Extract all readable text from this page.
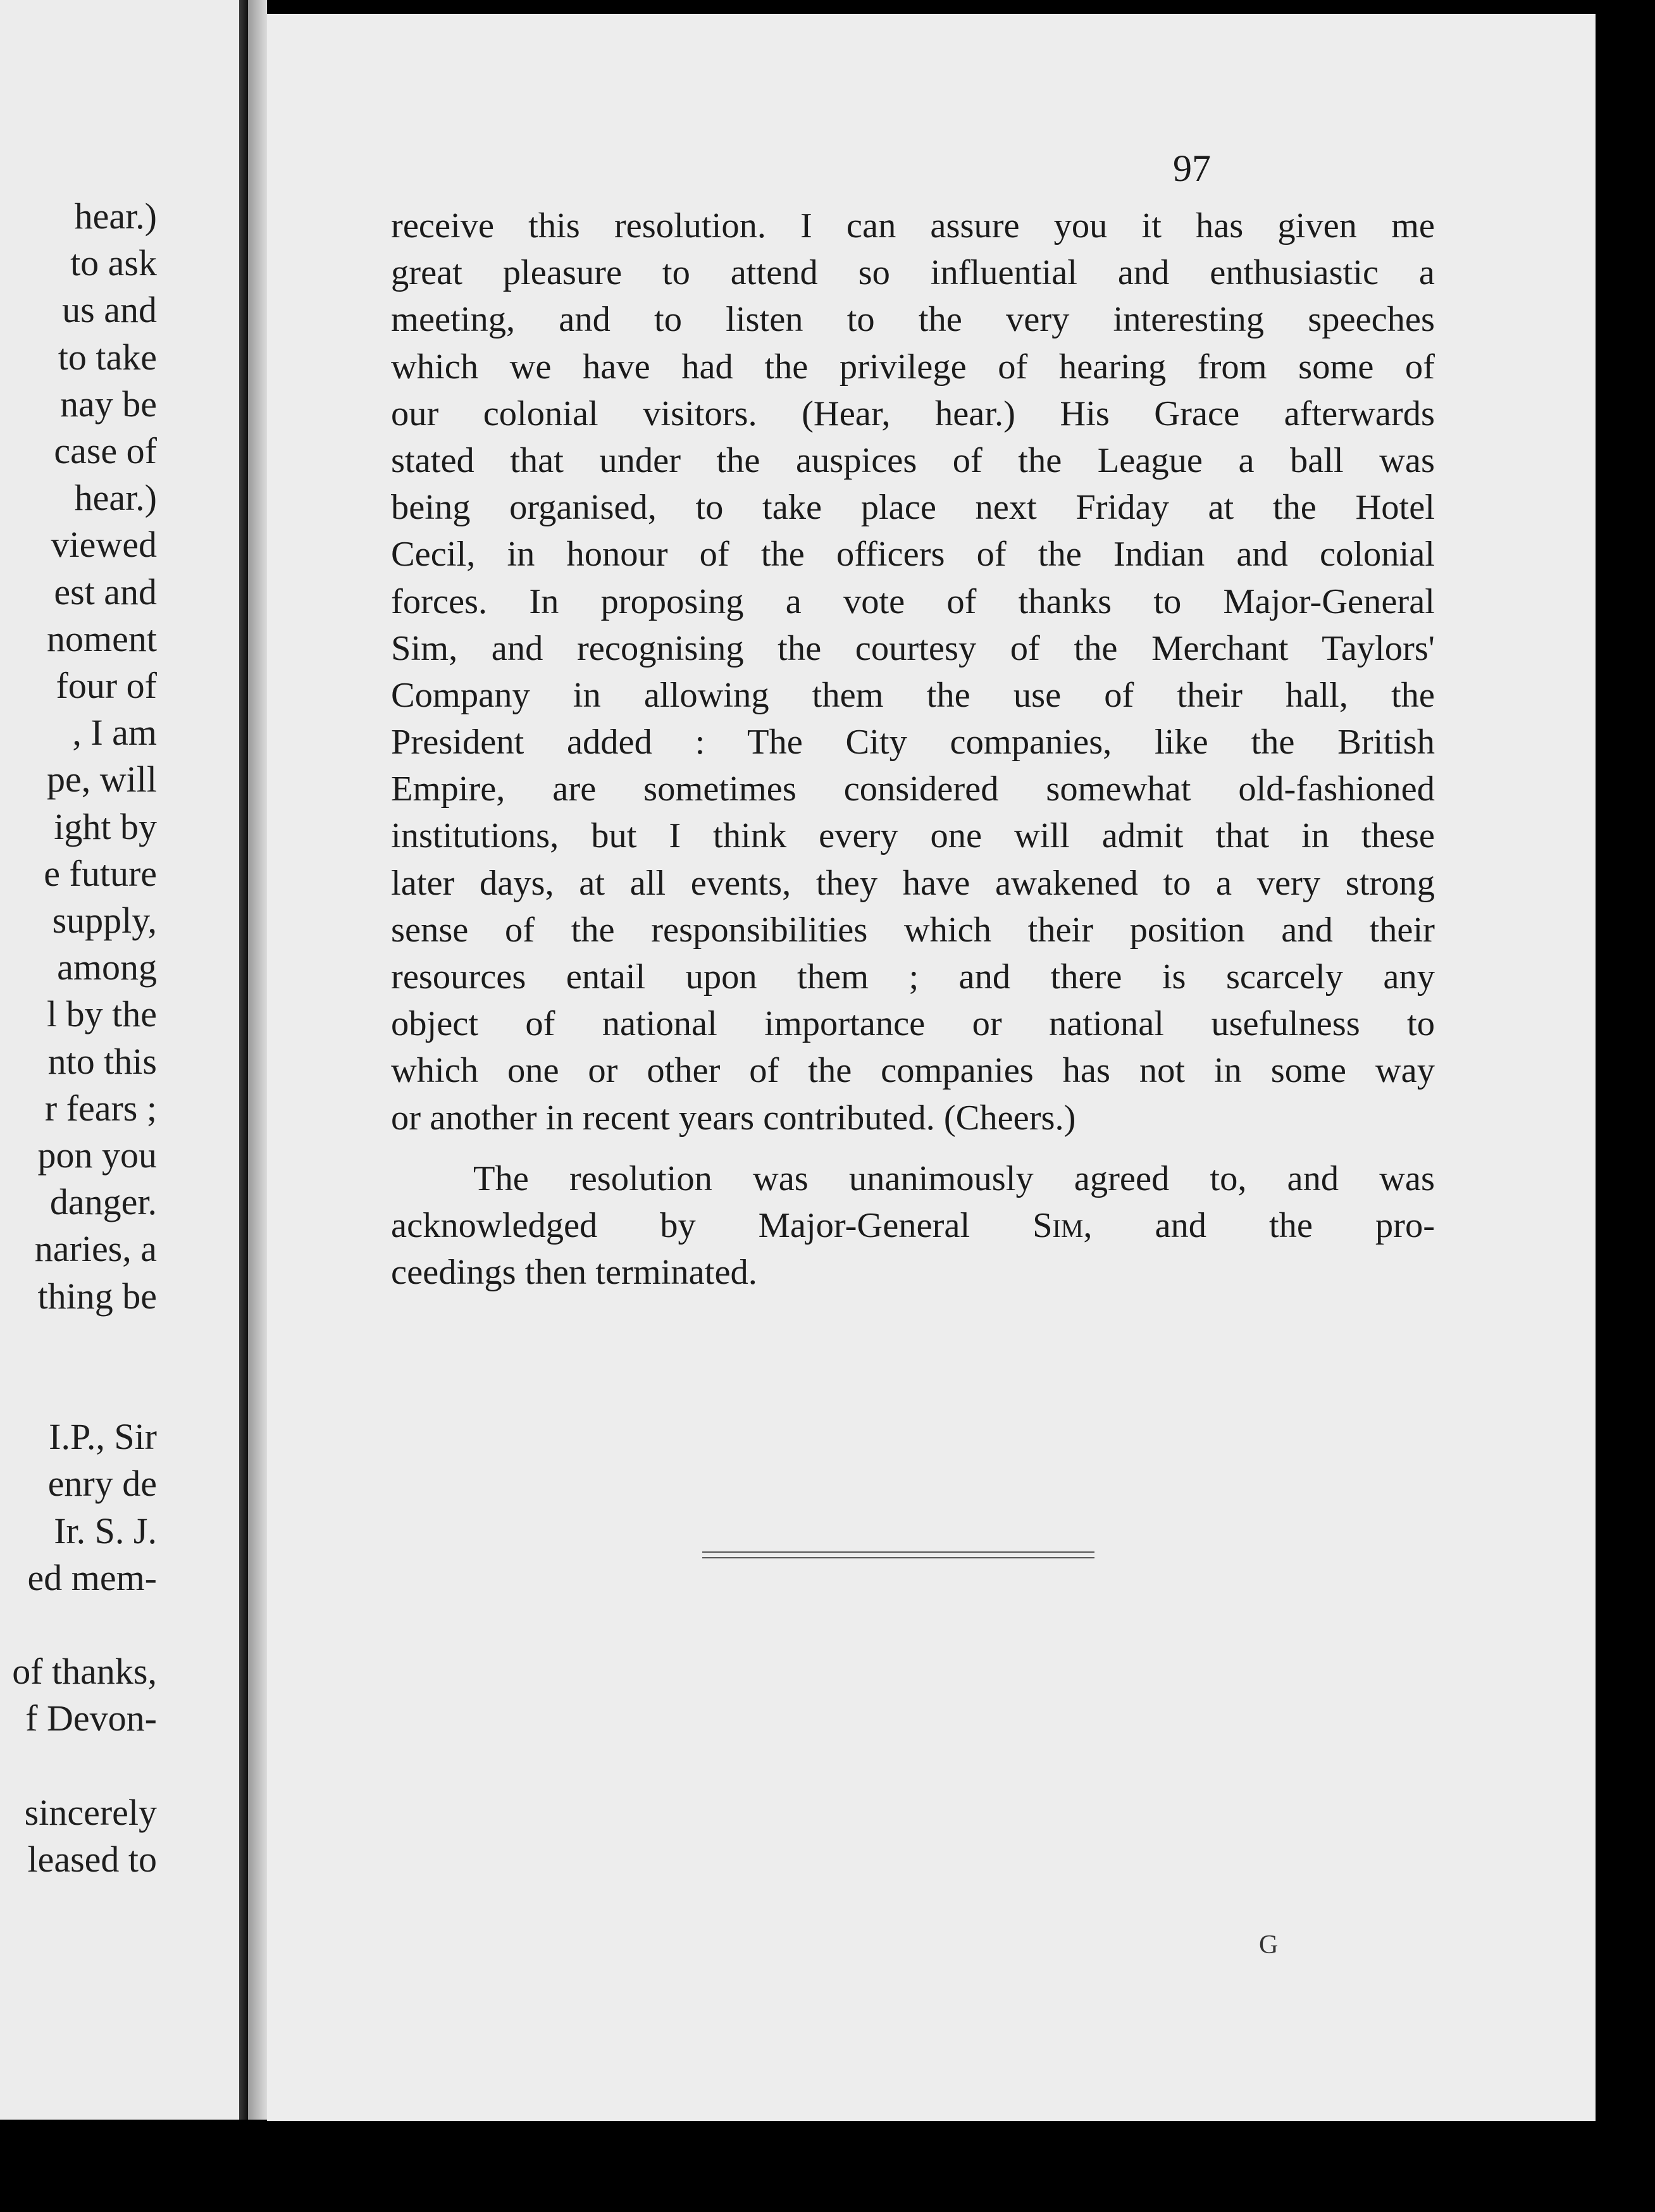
hear.)
to ask
us and
to take
nay be
case of
hear.)
viewed
est and
noment
four of
, I am
pe, will
ight by
e future
supply,
among
l by the
nto this
r fears ;
pon you
danger.
naries, a
thing be
I.P., Sir
enry de
Ir. S. J.
ed mem-
of thanks,
f Devon-
sincerely
leased to
97
receive this resolution. I can assure you it has given me
great pleasure to attend so influential and enthusiastic a
meeting, and to listen to the very interesting speeches
which we have had the privilege of hearing from some of
our colonial visitors. (Hear, hear.) His Grace afterwards
stated that under the auspices of the League a ball was
being organised, to take place next Friday at the Hotel
Cecil, in honour of the officers of the Indian and colonial
forces. In proposing a vote of thanks to Major-General
Sim, and recognising the courtesy of the Merchant Taylors'
Company in allowing them the use of their hall, the
President added : The City companies, like the British
Empire, are sometimes considered somewhat old-fashioned
institutions, but I think every one will admit that in these
later days, at all events, they have awakened to a very strong
sense of the responsibilities which their position and their
resources entail upon them ; and there is scarcely any
object of national importance or national usefulness to
which one or other of the companies has not in some way
or another in recent years contributed. (Cheers.)
The resolution was unanimously agreed to, and was
acknowledged by Major-General Sim, and the pro-
ceedings then terminated.
G
